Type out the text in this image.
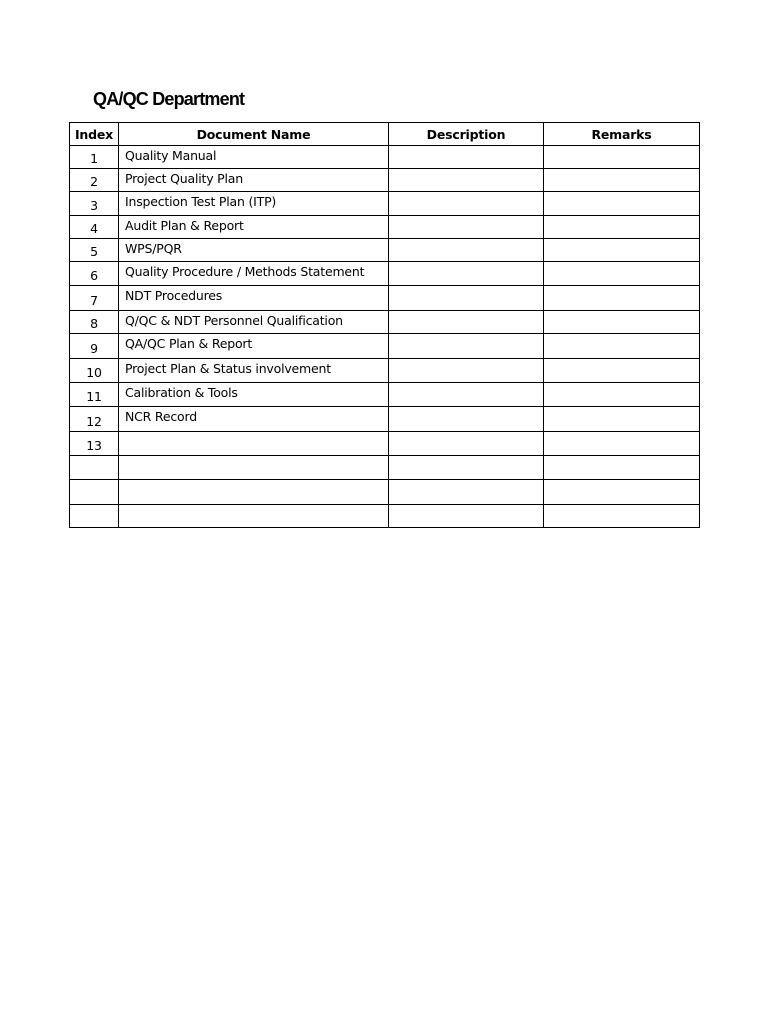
QA/QC Department
Index	Document Name	Description	Remarks
1	Quality Manual		
2	Project Quality Plan		
3	Inspection Test Plan (ITP)		
4	Audit Plan & Report		
5	WPS/PQR		
6	Quality Procedure / Methods Statement		
7	NDT Procedures		
8	Q/QC & NDT Personnel Qualification		
9	QA/QC Plan & Report		
10	Project Plan & Status involvement		
11	Calibration & Tools		
12	NCR Record		
13			
